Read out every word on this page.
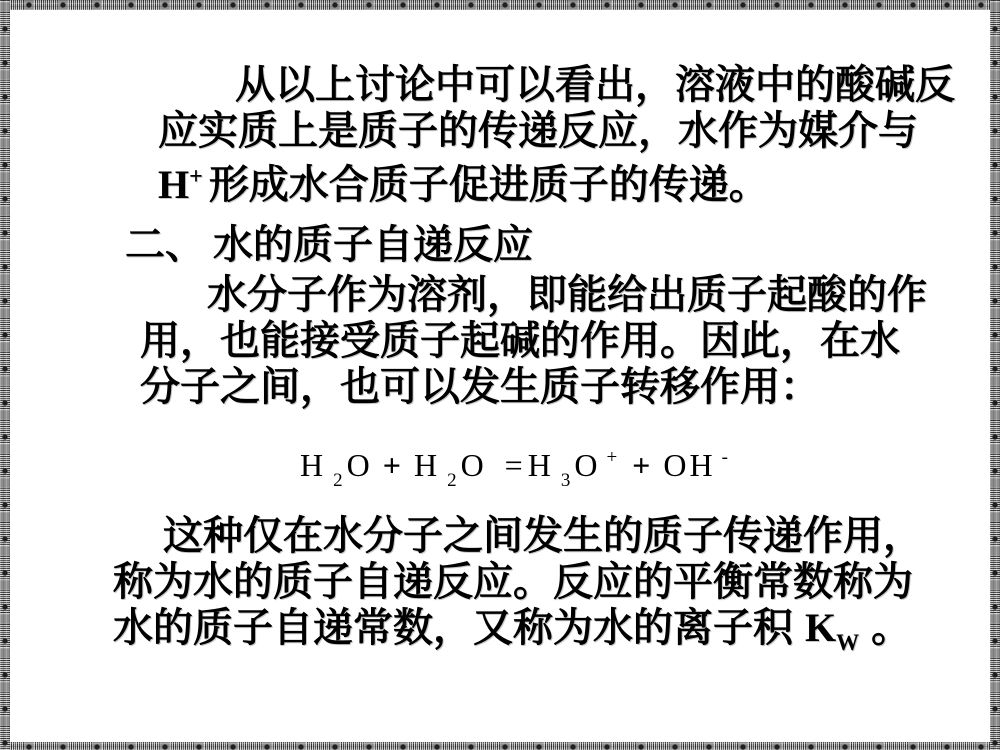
从以上讨论中可以看出，溶液中的酸碱反
应实质上是质子的传递反应，水作为媒介与
H+ 形成水合质子促进质子的传递。
二、 水的质子自递反应
水分子作为溶剂，即能给出质子起酸的作
用，也能接受质子起碱的作用。因此，在水
分子之间，也可以发生质子转移作用：
H $_2$O + H $_2$O =H $_3$O + + OH -
这种仅在水分子之间发生的质子传递作用，
称为水的质子自递反应。反应的平衡常数称为
水的质子自递常数，又称为水的离子积 $K_W$ 。
